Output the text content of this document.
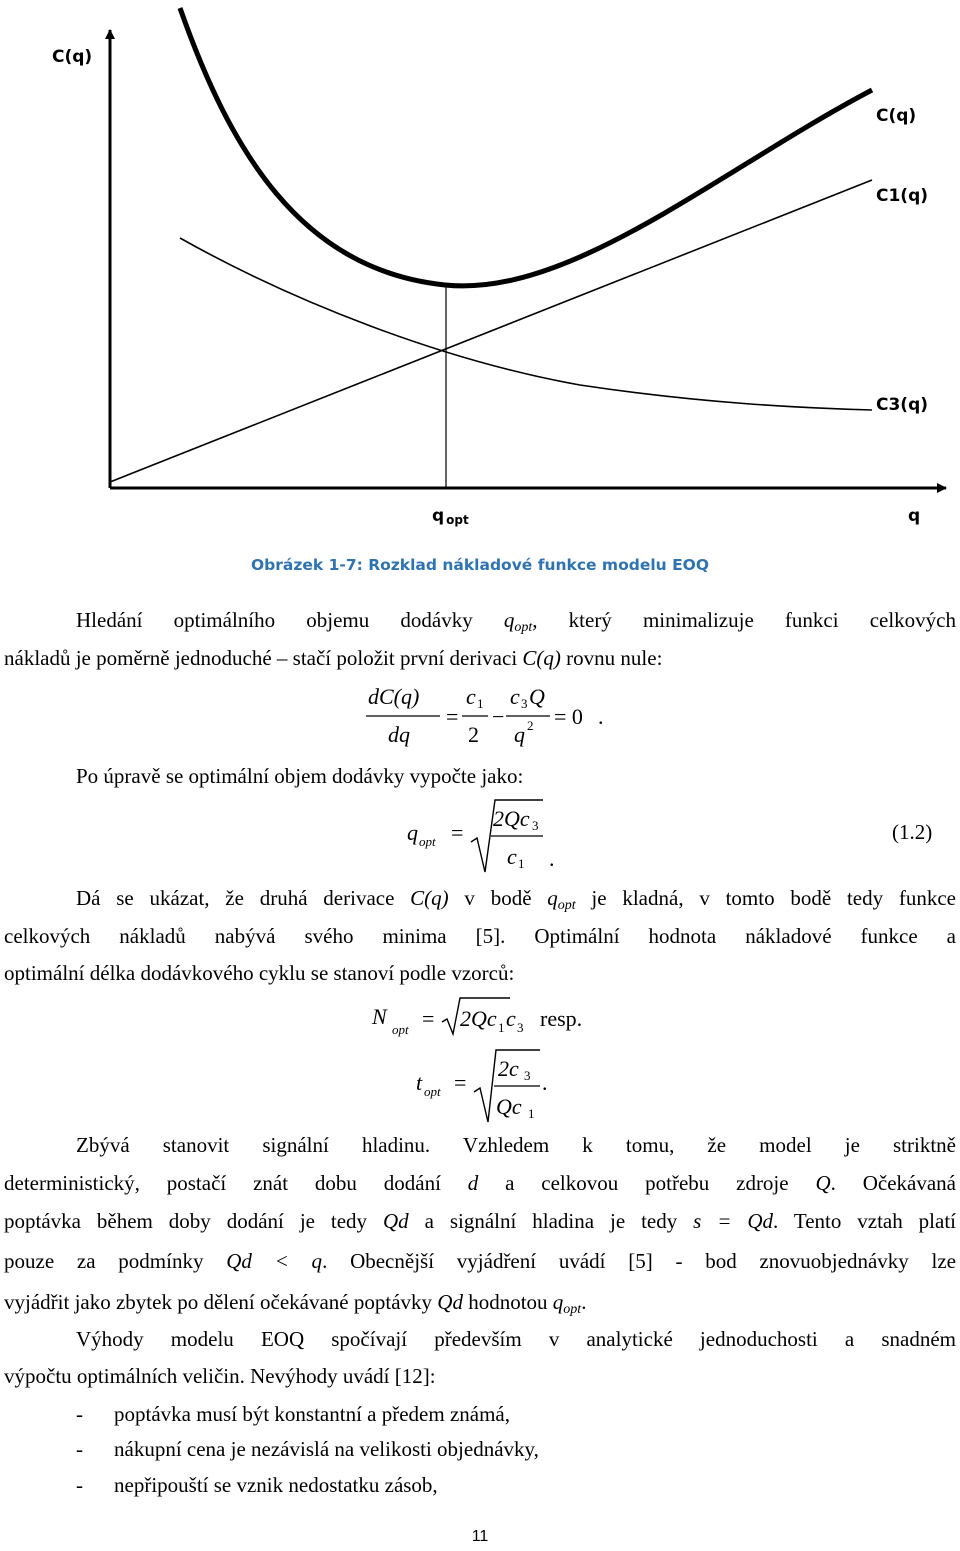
C(q)
q
q opt
C(q)
C1(q)
C3(q)
Obrázek 1-7: Rozklad nákladové funkce modelu EOQ
Hledání optimálního objemu dodávky $q_{opt}$, který minimalizuje funkci celkových
nákladů je poměrně jednoduché – stačí položit první derivaci C(q) rovnu nule:
dC(q)
dq
=
c 1
2
−
c 3 Q
q 2 = 0 .
Po úpravě se optimální objem dodávky vypočte jako:
q opt =
2Qc 3
c 1 .
(1.2)
Dá se ukázat, že druhá derivace C(q) v bodě $q_{opt}$ je kladná, v tomto bodě tedy funkce
celkových nákladů nabývá svého minima [5]. Optimální hodnota nákladové funkce a
optimální délka dodávkového cyklu se stanoví podle vzorců:
N
opt = 2Qc 1 c 3 resp.
t opt =
2c 3
Qc 1
.
Zbývá stanovit signální hladinu. Vzhledem k tomu, že model je striktně
deterministický, postačí znát dobu dodání d a celkovou potřebu zdroje Q. Očekávaná
poptávka během doby dodání je tedy Qd a signální hladina je tedy s = Qd. Tento vztah platí
pouze za podmínky Qd < q. Obecnější vyjádření uvádí [5] - bod znovuobjednávky lze
vyjádřit jako zbytek po dělení očekávané poptávky Qd hodnotou $q_{opt}$.
Výhody modelu EOQ spočívají především v analytické jednoduchosti a snadném
výpočtu optimálních veličin. Nevýhody uvádí [12]:
- poptávka musí být konstantní a předem známá,
- nákupní cena je nezávislá na velikosti objednávky,
- nepřipouští se vznik nedostatku zásob,
11
